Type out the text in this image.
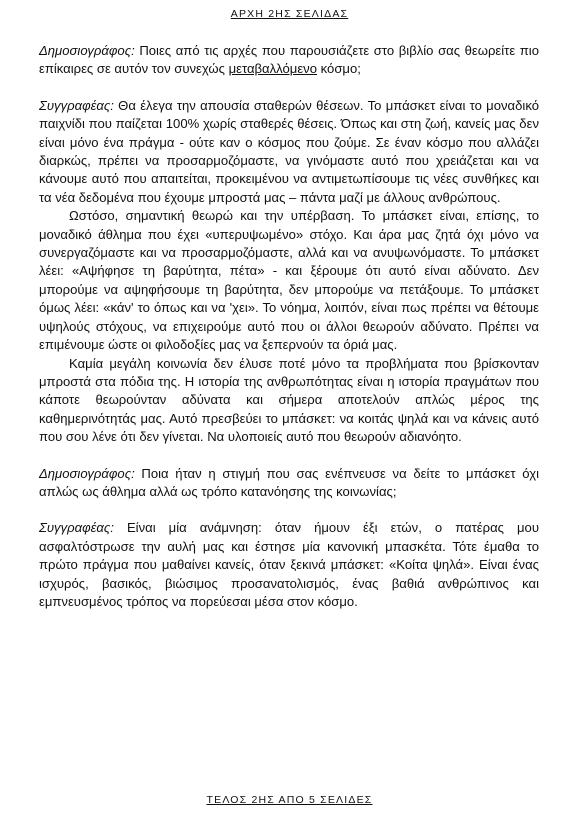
ΑΡΧΗ 2ΗΣ ΣΕΛΙΔΑΣ

Δημοσιογράφος: Ποιες από τις αρχές που παρουσιάζετε στο βιβλίο σας θεωρείτε πιο επίκαιρες σε αυτόν τον συνεχώς μεταβαλλόμενο κόσμο;

Συγγραφέας: Θα έλεγα την απουσία σταθερών θέσεων. Το μπάσκετ είναι το μοναδικό παιχνίδι που παίζεται 100% χωρίς σταθερές θέσεις. Όπως και στη ζωή, κανείς μας δεν είναι μόνο ένα πράγμα - ούτε καν ο κόσμος που ζούμε. Σε έναν κόσμο που αλλάζει διαρκώς, πρέπει να προσαρμοζόμαστε, να γινόμαστε αυτό που χρειάζεται και να κάνουμε αυτό που απαιτείται, προκειμένου να αντιμετωπίσουμε τις νέες συνθήκες και τα νέα δεδομένα που έχουμε μπροστά μας – πάντα μαζί με άλλους ανθρώπους.

Ωστόσο, σημαντική θεωρώ και την υπέρβαση. Το μπάσκετ είναι, επίσης, το μοναδικό άθλημα που έχει «υπερυψωμένο» στόχο. Και άρα μας ζητά όχι μόνο να συνεργαζόμαστε και να προσαρμοζόμαστε, αλλά και να ανυψωνόμαστε. Το μπάσκετ λέει: «Αψήφησε τη βαρύτητα, πέτα» - και ξέρουμε ότι αυτό είναι αδύνατο. Δεν μπορούμε να αψηφήσουμε τη βαρύτητα, δεν μπορούμε να πετάξουμε. Το μπάσκετ όμως λέει: «κάν' το όπως και να 'χει». Το νόημα, λοιπόν, είναι πως πρέπει να θέτουμε υψηλούς στόχους, να επιχειρούμε αυτό που οι άλλοι θεωρούν αδύνατο. Πρέπει να επιμένουμε ώστε οι φιλοδοξίες μας να ξεπερνούν τα όριά μας.

Καμία μεγάλη κοινωνία δεν έλυσε ποτέ μόνο τα προβλήματα που βρίσκονταν μπροστά στα πόδια της. Η ιστορία της ανθρωπότητας είναι η ιστορία πραγμάτων που κάποτε θεωρούνταν αδύνατα και σήμερα αποτελούν απλώς μέρος της καθημερινότητάς μας. Αυτό πρεσβεύει το μπάσκετ: να κοιτάς ψηλά και να κάνεις αυτό που σου λένε ότι δεν γίνεται. Να υλοποιείς αυτό που θεωρούν αδιανόητο.

Δημοσιογράφος: Ποια ήταν η στιγμή που σας ενέπνευσε να δείτε το μπάσκετ όχι απλώς ως άθλημα αλλά ως τρόπο κατανόησης της κοινωνίας;

Συγγραφέας: Είναι μία ανάμνηση: όταν ήμουν έξι ετών, ο πατέρας μου ασφαλτόστρωσε την αυλή μας και έστησε μία κανονική μπασκέτα. Τότε έμαθα το πρώτο πράγμα που μαθαίνει κανείς, όταν ξεκινά μπάσκετ: «Κοίτα ψηλά». Είναι ένας ισχυρός, βασικός, βιώσιμος προσανατολισμός, ένας βαθιά ανθρώπινος και εμπνευσμένος τρόπος να πορεύεσαι μέσα στον κόσμο.

ΤΕΛΟΣ 2ΗΣ ΑΠΟ 5 ΣΕΛΙΔΕΣ
